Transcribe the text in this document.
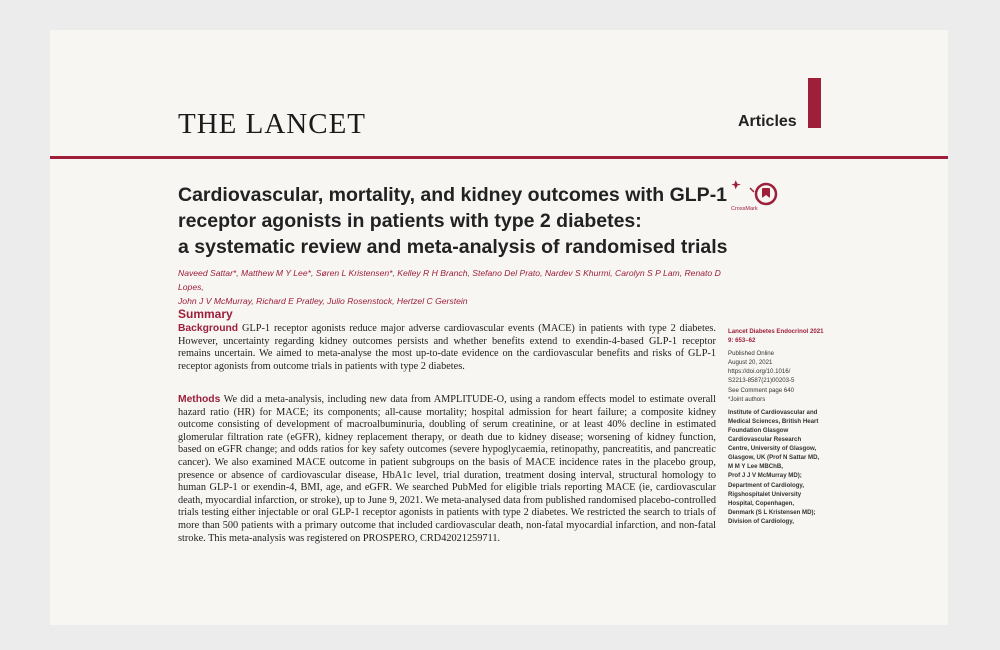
THE LANCET	Articles
Cardiovascular, mortality, and kidney outcomes with GLP-1
receptor agonists in patients with type 2 diabetes:
a systematic review and meta-analysis of randomised trials
CrossMark
Naveed Sattar*, Matthew M Y Lee*, Søren L Kristensen*, Kelley R H Branch, Stefano Del Prato, Nardev S Khurmi, Carolyn S P Lam, Renato D Lopes,
John J V McMurray, Richard E Pratley, Julio Rosenstock, Hertzel C Gerstein
Summary
Background GLP-1 receptor agonists reduce major adverse cardiovascular events (MACE) in patients with type 2 diabetes. However, uncertainty regarding kidney outcomes persists and whether benefits extend to exendin-4-based GLP-1 receptor remains uncertain. We aimed to meta-analyse the most up-to-date evidence on the cardiovascular benefits and risks of GLP-1 receptor agonists from outcome trials in patients with type 2 diabetes.
Methods We did a meta-analysis, including new data from AMPLITUDE-O, using a random effects model to estimate overall hazard ratio (HR) for MACE; its components; all-cause mortality; hospital admission for heart failure; a composite kidney outcome consisting of development of macroalbuminuria, doubling of serum creatinine, or at least 40% decline in estimated glomerular filtration rate (eGFR), kidney replacement therapy, or death due to kidney disease; worsening of kidney function, based on eGFR change; and odds ratios for key safety outcomes (severe hypoglycaemia, retinopathy, pancreatitis, and pancreatic cancer). We also examined MACE outcome in patient subgroups on the basis of MACE incidence rates in the placebo group, presence or absence of cardiovascular disease, HbA1c level, trial duration, treatment dosing interval, structural homology to human GLP-1 or exendin-4, BMI, age, and eGFR. We searched PubMed for eligible trials reporting MACE (ie, cardiovascular death, myocardial infarction, or stroke), up to June 9, 2021. We meta-analysed data from published randomised placebo-controlled trials testing either injectable or oral GLP-1 receptor agonists in patients with type 2 diabetes. We restricted the search to trials of more than 500 patients with a primary outcome that included cardiovascular death, non-fatal myocardial infarction, and non-fatal stroke. This meta-analysis was registered on PROSPERO, CRD42021259711.
Lancet Diabetes Endocrinol 2021
9: 653–62
Published Online
August 20, 2021
https://doi.org/10.1016/
S2213-8587(21)00203-5
See Comment page 640
*Joint authors
Institute of Cardiovascular and
Medical Sciences, British Heart
Foundation Glasgow
Cardiovascular Research
Centre, University of Glasgow,
Glasgow, UK (Prof N Sattar MD,
M M Y Lee MBChB,
Prof J J V McMurray MD);
Department of Cardiology,
Rigshospitalet University
Hospital, Copenhagen,
Denmark (S L Kristensen MD);
Division of Cardiology,
